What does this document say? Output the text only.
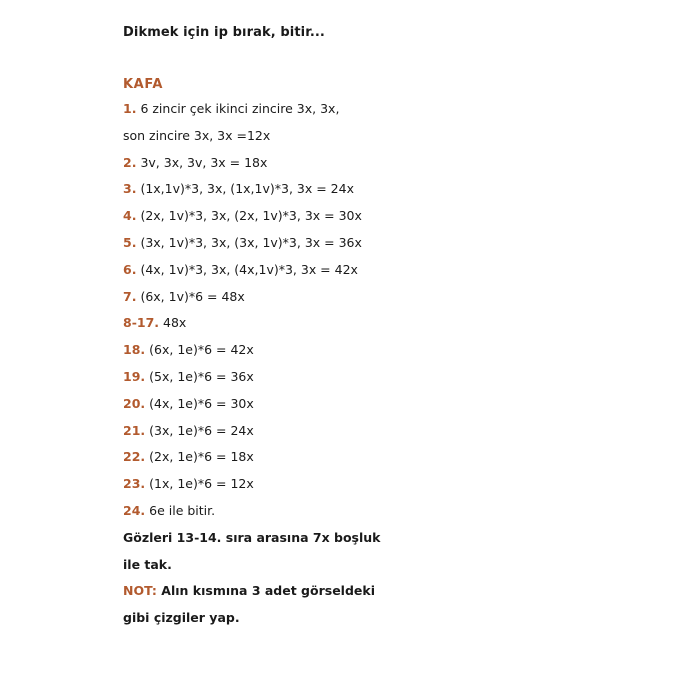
Dikmek için ip bırak, bitir...
KAFA
1. 6 zincir çek ikinci zincire 3x, 3x,
son zincire 3x, 3x =12x
2. 3v, 3x, 3v, 3x = 18x
3. (1x,1v)*3, 3x, (1x,1v)*3, 3x = 24x
4. (2x, 1v)*3, 3x, (2x, 1v)*3, 3x = 30x
5. (3x, 1v)*3, 3x, (3x, 1v)*3, 3x = 36x
6. (4x, 1v)*3, 3x, (4x,1v)*3, 3x = 42x
7. (6x, 1v)*6 = 48x
8-17. 48x
18. (6x, 1e)*6 = 42x
19. (5x, 1e)*6 = 36x
20. (4x, 1e)*6 = 30x
21. (3x, 1e)*6 = 24x
22. (2x, 1e)*6 = 18x
23. (1x, 1e)*6 = 12x
24. 6e ile bitir.
Gözleri 13-14. sıra arasına 7x boşluk
ile tak.
NOT: Alın kısmına 3 adet görseldeki
gibi çizgiler yap.
